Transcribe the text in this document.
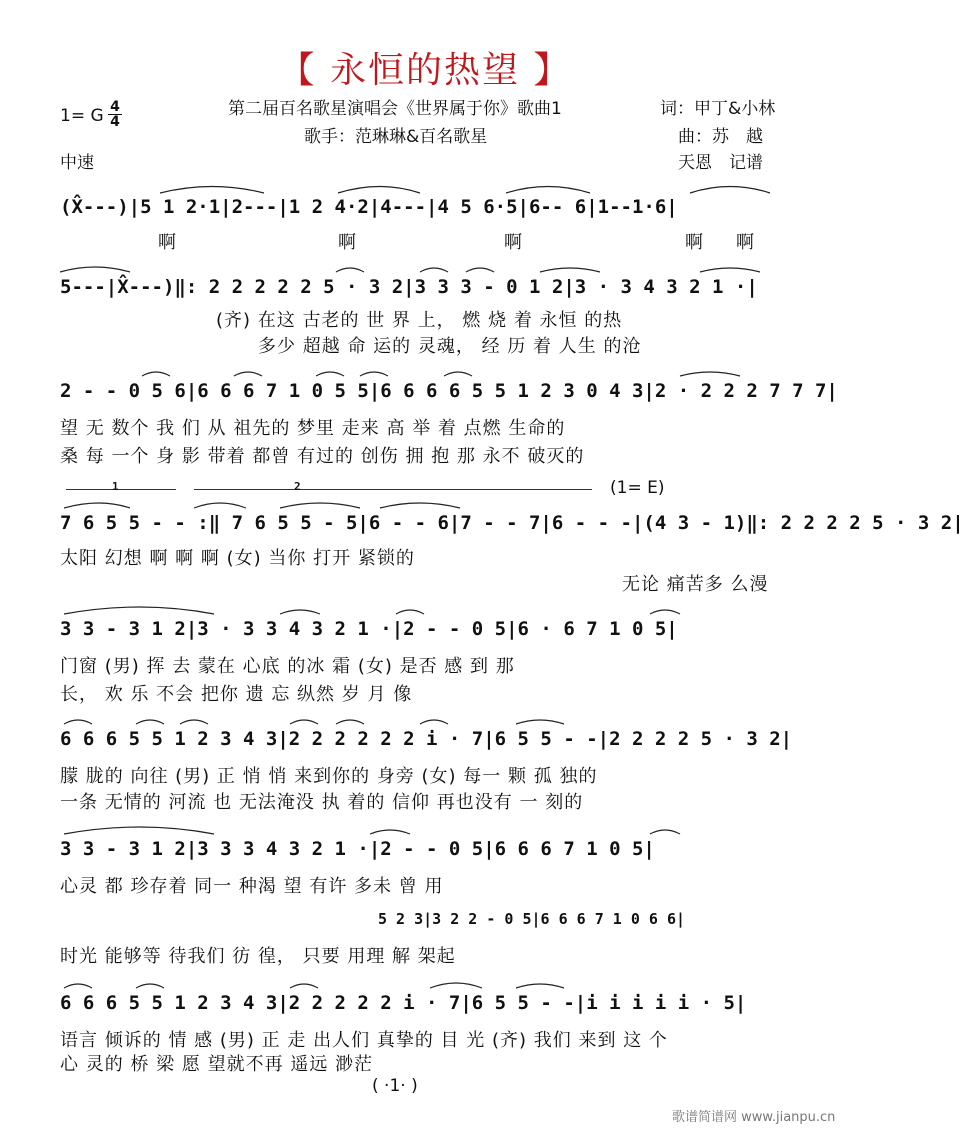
【 永恒的热望 】
1= G 4
4
中速
第二届百名歌星演唱会《世界属于你》歌曲1
歌手：范琳琳&百名歌星
词：甲丁&小林
曲：苏　越
天恩　记谱
(X̂---)|5 1 2·1|2---|1 2 4·2|4---|4 5 6·5|6-- 6|1--1·6|
啊	啊	啊	啊 啊
5---|X̂---)‖: 2 2 2 2 2 5 · 3 2|3 3 3 - 0 1 2|3 · 3 4 3 2 1 ·|
(齐) 在这 古老的 世 界 上， 燃 烧 着 永恒 的热
多少 超越 命 运的 灵魂， 经 历 着 人生 的沧
2 - - 0 5 6|6 6 6 7 1 0 5 5|6 6 6 6 5 5 1 2 3 0 4 3|2 · 2 2 2 7 7 7|
望 无 数个 我 们 从 祖先的 梦里 走来 高 举 着 点燃 生命的
桑 每 一个 身 影 带着 都曾 有过的 创伤 拥 抱 那 永不 破灭的
1	2	(1= E)
7 6 5 5 - - :‖ 7 6 5 5 - 5|6 - - 6|7 - - 7|6 - - -|(4 3 - 1)‖: 2 2 2 2 5 · 3 2|
太阳 幻想 啊 啊 啊 (女) 当你 打开 紧锁的
无论 痛苦多 么漫
3 3 - 3 1 2|3 · 3 3 4 3 2 1 ·|2 - - 0 5|6 · 6 7 1 0 5|
门窗 (男) 挥 去 蒙在 心底 的冰 霜 (女) 是否 感 到 那
长， 欢 乐 不会 把你 遗 忘 纵然 岁 月 像
6 6 6 5 5 1 2 3 4 3|2 2 2 2 2 2 i · 7|6 5 5 - -|2 2 2 2 5 · 3 2|
朦 胧的 向往 (男) 正 悄 悄 来到你的 身旁 (女) 每一 颗 孤 独的
一条 无情的 河流 也 无法淹没 执 着的 信仰 再也没有 一 刻的
3 3 - 3 1 2|3 3 3 4 3 2 1 ·|2 - - 0 5|6 6 6 7 1 0 5|
心灵 都 珍存着 同一 种渴 望 有许 多未 曾 用
5 2 3|3 2 2 - 0 5|6 6 6 7 1 0 6 6|
时光 能够等 待我们 彷 徨， 只要 用理 解 架起
6 6 6 5 5 1 2 3 4 3|2 2 2 2 2 i · 7|6 5 5 - -|i i i i i · 5|
语言 倾诉的 情 感 (男) 正 走 出人们 真挚的 目 光 (齐) 我们 来到 这 个
心 灵的 桥 梁 愿 望就不再 遥远 渺茫
( ·1· )
歌谱简谱网 www.jianpu.cn
